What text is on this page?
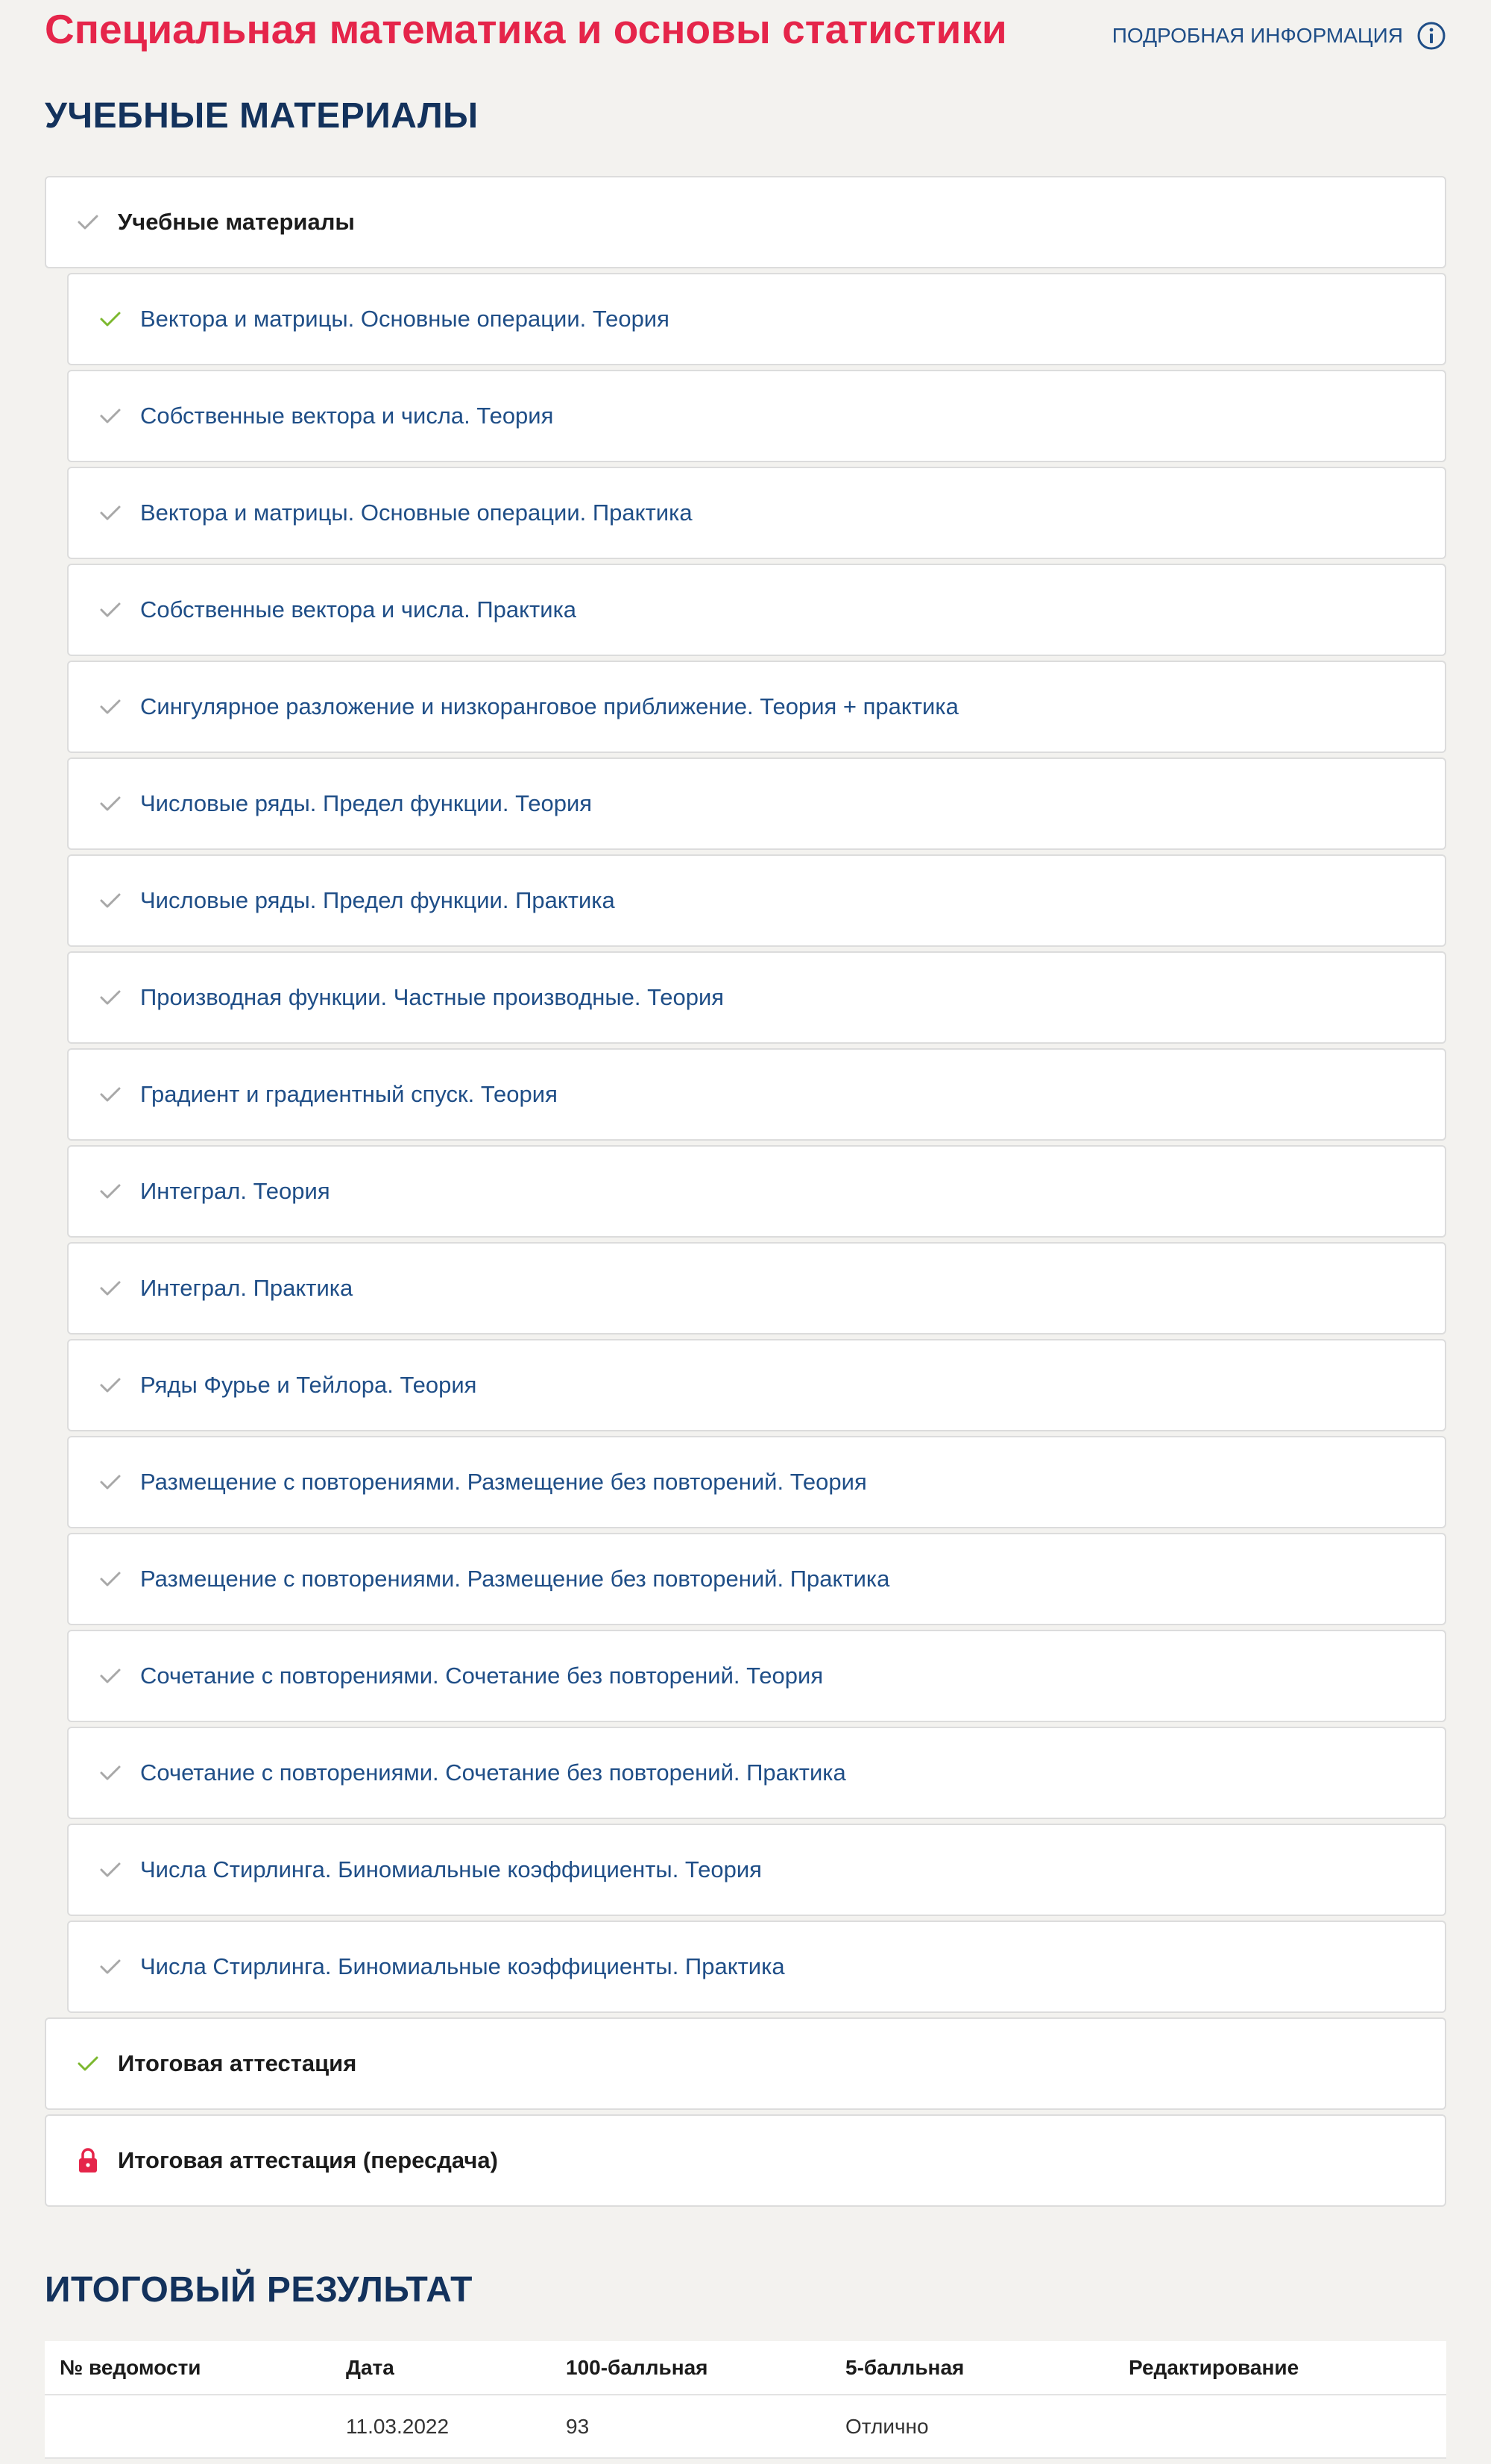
Специальная математика и основы статистики	ПОДРОБНАЯ ИНФОРМАЦИЯ
УЧЕБНЫЕ МАТЕРИАЛЫ
Учебные материалы
Вектора и матрицы. Основные операции. Теория
Собственные вектора и числа. Теория
Вектора и матрицы. Основные операции. Практика
Собственные вектора и числа. Практика
Сингулярное разложение и низкоранговое приближение. Теория + практика
Числовые ряды. Предел функции. Теория
Числовые ряды. Предел функции. Практика
Производная функции. Частные производные. Теория
Градиент и градиентный спуск. Теория
Интеграл. Теория
Интеграл. Практика
Ряды Фурье и Тейлора. Теория
Размещение с повторениями. Размещение без повторений. Теория
Размещение с повторениями. Размещение без повторений. Практика
Сочетание с повторениями. Сочетание без повторений. Теория
Сочетание с повторениями. Сочетание без повторений. Практика
Числа Стирлинга. Биномиальные коэффициенты. Теория
Числа Стирлинга. Биномиальные коэффициенты. Практика
Итоговая аттестация
Итоговая аттестация (пересдача)
ИТОГОВЫЙ РЕЗУЛЬТАТ
№ ведомости	Дата	100-балльная	5-балльная	Редактирование
	11.03.2022	93	Отлично	
